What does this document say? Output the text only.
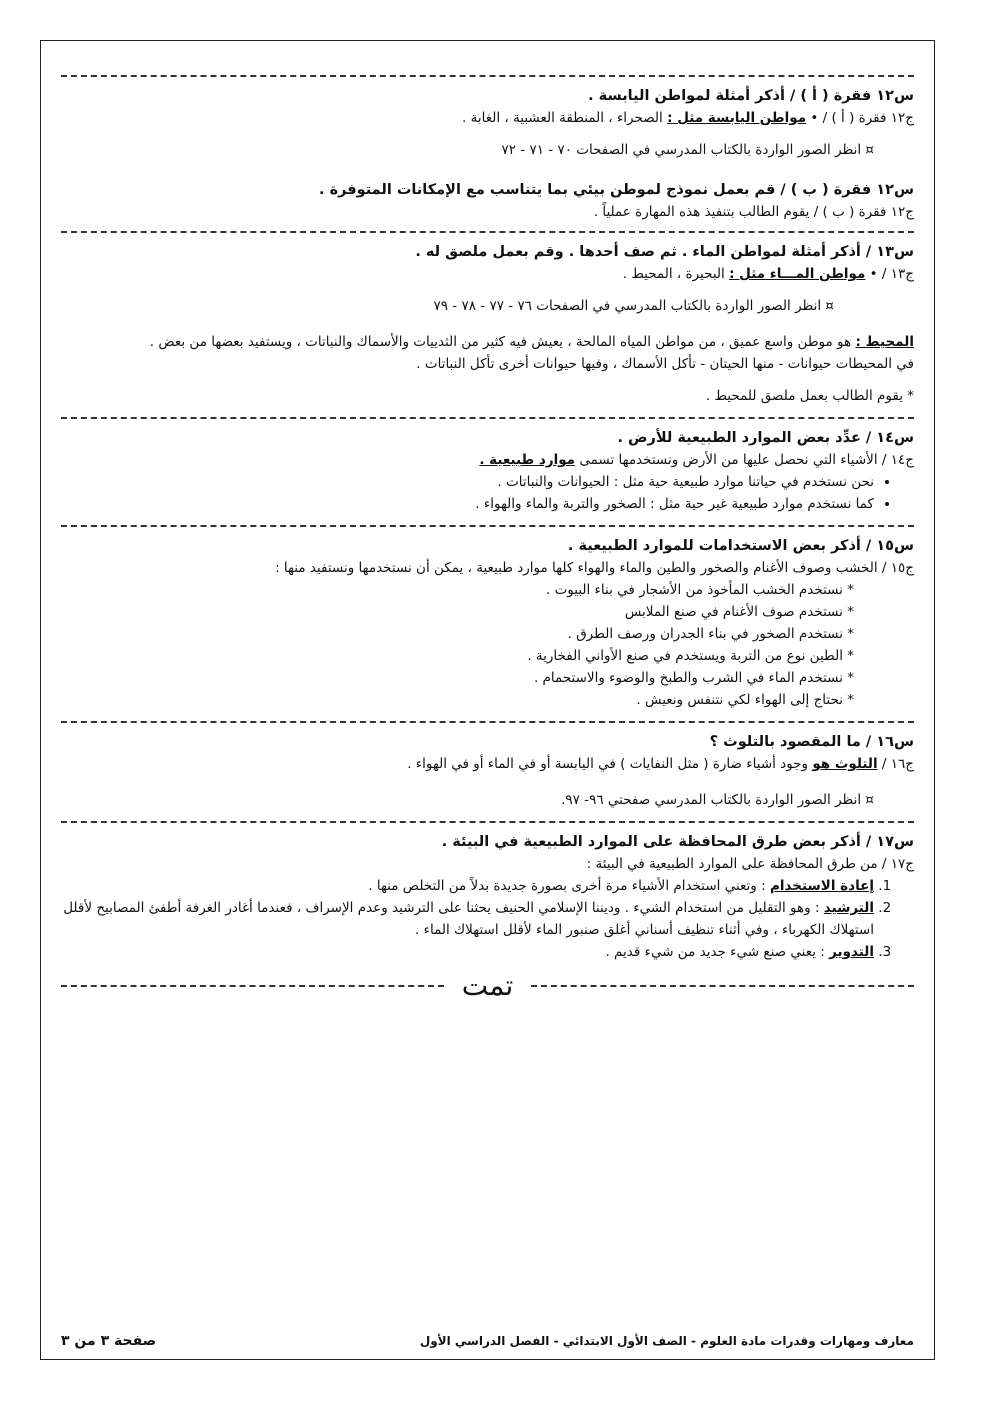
س١٢ فقرة ( أ ) / أذكر أمثلة لمواطن اليابسة .
ج١٢ فقرة ( أ ) / • مواطن اليابسة مثل : الصحراء ، المنطقة العشبية ، الغابة .
¤ انظر الصور الواردة بالكتاب المدرسي في الصفحات ٧٠ - ٧١ - ٧٢
س١٢ فقرة ( ب ) / قم بعمل نموذج لموطن بيئي بما يتناسب مع الإمكانات المتوفرة .
ج١٢ فقرة ( ب ) / يقوم الطالب بتنفيذ هذه المهارة عملياً .
س١٣ / أذكر أمثلة لمواطن الماء . ثم صف أحدها . وقم بعمل ملصق له .
ج١٣ / • مواطن المـــاء مثل : البحيرة ، المحيط .
¤ انظر الصور الواردة بالكتاب المدرسي في الصفحات ٧٦ - ٧٧ - ٧٨ - ٧٩
المحيط : هو موطن واسع عميق ، من مواطن المياه المالحة ، يعيش فيه كثير من الثدييات والأسماك والنباتات ، ويستفيد بعضها من بعض .
في المحيطات حيوانات - منها الحيتان - تأكل الأسماك ، وفيها حيوانات أخرى تأكل النباتات .
* يقوم الطالب بعمل ملصق للمحيط .
س١٤ / عدِّد بعض الموارد الطبيعية للأرض .
ج١٤ / الأشياء التي نحصل عليها من الأرض ونستخدمها تسمى موارد طبيعية .
• نحن نستخدم في حياتنا موارد طبيعية حية مثل : الحيوانات والنباتات .
• كما نستخدم موارد طبيعية غير حية مثل : الصخور والتربة والماء والهواء .
س١٥ / أذكر بعض الاستخدامات للموارد الطبيعية .
ج١٥ / الخشب وصوف الأغنام والصخور والطين والماء والهواء كلها موارد طبيعية ، يمكن أن نستخدمها ونستفيد منها :
* نستخدم الخشب المأخوذ من الأشجار في بناء البيوت .
* نستخدم صوف الأغنام في صنع الملابس
* نستخدم الصخور في بناء الجدران ورصف الطرق .
* الطين نوع من التربة ويستخدم في صنع الأواني الفخارية .
* نستخدم الماء في الشرب والطبخ والوضوء والاستحمام .
* نحتاج إلى الهواء لكي نتنفس ونعيش .
س١٦ / ما المقصود بالتلوث ؟
ج١٦ / التلوث هو وجود أشياء ضارة ( مثل النفايات ) في اليابسة أو في الماء أو في الهواء .
¤ انظر الصور الواردة بالكتاب المدرسي صفحتي ٩٦- ٩٧.
س١٧ / أذكر بعض طرق المحافظة على الموارد الطبيعية في البيئة .
ج١٧ / من طرق المحافظة على الموارد الطبيعية في البيئة :
1. إعادة الاستخدام : وتعني استخدام الأشياء مرة أخرى بصورة جديدة بدلاً من التخلص منها .
2. الترشيد : وهو التقليل من استخدام الشيء . وديننا الإسلامي الحنيف يحثنا على الترشيد وعدم الإسراف ، فعندما أغادر الغرفة أطفئ المصابيح لأقلل استهلاك الكهرباء ، وفي أثناء تنظيف أسناني أغلق صنبور الماء لأقلل استهلاك الماء .
3. التدوير : يعني صنع شيء جديد من شيء قديم .
تمت
صفحة ٣ من ٣	معارف ومهارات وقدرات مادة العلوم - الصف الأول الابتدائي - الفصل الدراسي الأول
